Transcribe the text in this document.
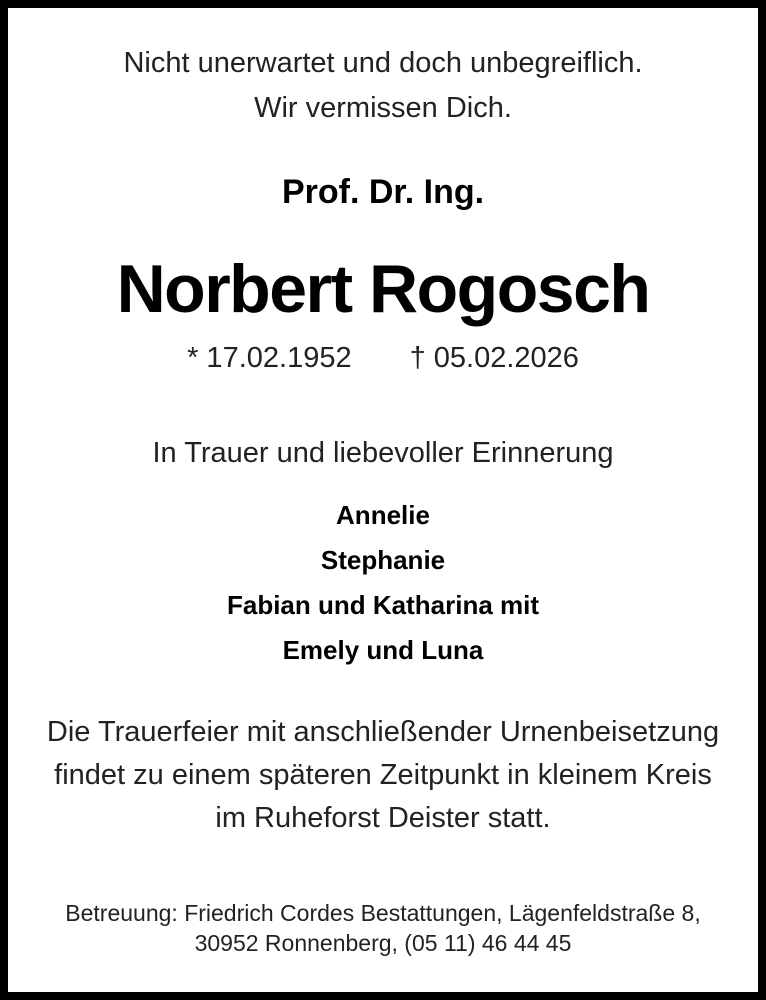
Nicht unerwartet und doch unbegreiflich.
Wir vermissen Dich.
Prof. Dr. Ing.
Norbert Rogosch
* 17.02.1952 † 05.02.2026
In Trauer und liebevoller Erinnerung
Annelie
Stephanie
Fabian und Katharina mit
Emely und Luna
Die Trauerfeier mit anschließender Urnenbeisetzung
findet zu einem späteren Zeitpunkt in kleinem Kreis
im Ruheforst Deister statt.
Betreuung: Friedrich Cordes Bestattungen, Lägenfeldstraße 8,
30952 Ronnenberg, (05 11) 46 44 45
